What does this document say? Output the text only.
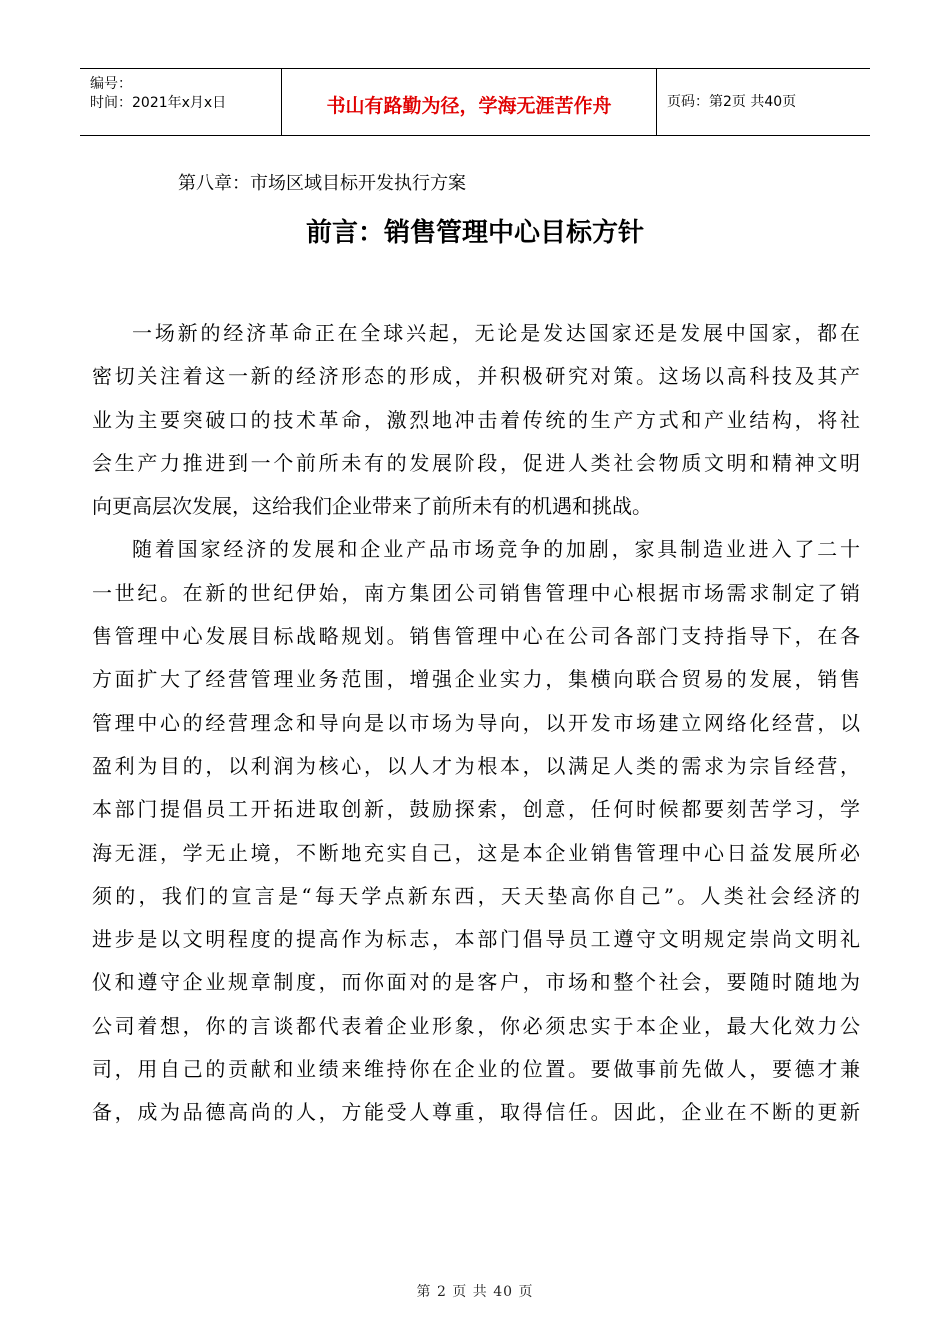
编号：
时间：2021年x月x日	书山有路勤为径，学海无涯苦作舟	页码：第2页 共40页
第八章：市场区域目标开发执行方案
前言：销售管理中心目标方针
一场新的经济革命正在全球兴起，无论是发达国家还是发展中国家，都在
密切关注着这一新的经济形态的形成，并积极研究对策。这场以高科技及其产
业为主要突破口的技术革命，激烈地冲击着传统的生产方式和产业结构，将社
会生产力推进到一个前所未有的发展阶段，促进人类社会物质文明和精神文明
向更高层次发展，这给我们企业带来了前所未有的机遇和挑战。
随着国家经济的发展和企业产品市场竞争的加剧，家具制造业进入了二十
一世纪。在新的世纪伊始，南方集团公司销售管理中心根据市场需求制定了销
售管理中心发展目标战略规划。销售管理中心在公司各部门支持指导下，在各
方面扩大了经营管理业务范围，增强企业实力，集横向联合贸易的发展，销售
管理中心的经营理念和导向是以市场为导向，以开发市场建立网络化经营，以
盈利为目的，以利润为核心，以人才为根本，以满足人类的需求为宗旨经营，
本部门提倡员工开拓进取创新，鼓励探索，创意，任何时候都要刻苦学习，学
海无涯，学无止境，不断地充实自己，这是本企业销售管理中心日益发展所必
须的，我们的宣言是“每天学点新东西，天天垫高你自己”。人类社会经济的
进步是以文明程度的提高作为标志，本部门倡导员工遵守文明规定崇尚文明礼
仪和遵守企业规章制度，而你面对的是客户，市场和整个社会，要随时随地为
公司着想，你的言谈都代表着企业形象，你必须忠实于本企业，最大化效力公
司，用自己的贡献和业绩来维持你在企业的位置。要做事前先做人，要德才兼
备，成为品德高尚的人，方能受人尊重，取得信任。因此，企业在不断的更新
第 2 页 共 40 页
